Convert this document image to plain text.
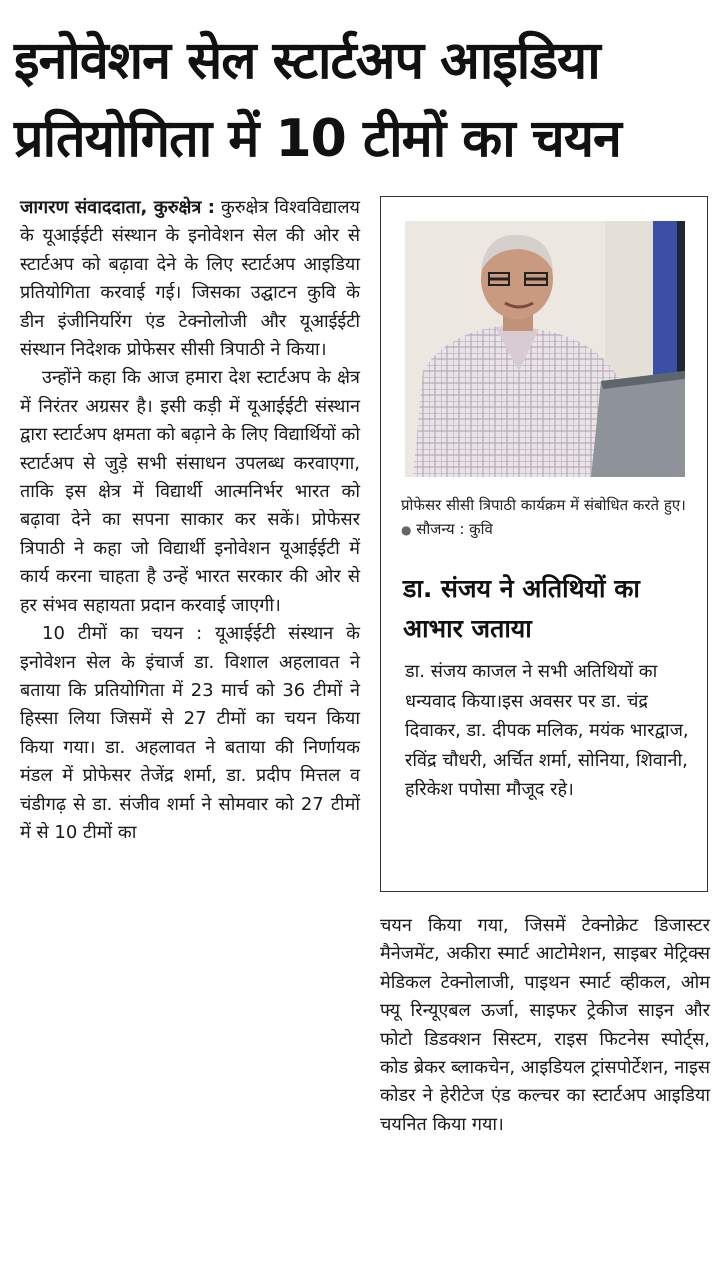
इनोवेशन सेल स्टार्टअप आइडिया
प्रतियोगिता में 10 टीमों का चयन

जागरण संवाददाता, कुरुक्षेत्र : कुरुक्षेत्र विश्वविद्यालय के यूआईईटी संस्थान के इनोवेशन सेल की ओर से स्टार्टअप को बढ़ावा देने के लिए स्टार्टअप आइडिया प्रतियोगिता करवाई गई। जिसका उद्घाटन कुवि के डीन इंजीनियरिंग एंड टेक्नोलोजी और यूआईईटी संस्थान निदेशक प्रोफेसर सीसी त्रिपाठी ने किया।

उन्होंने कहा कि आज हमारा देश स्टार्टअप के क्षेत्र में निरंतर अग्रसर है। इसी कड़ी में यूआईईटी संस्थान द्वारा स्टार्टअप क्षमता को बढ़ाने के लिए विद्यार्थियों को स्टार्टअप से जुड़े सभी संसाधन उपलब्ध करवाएगा, ताकि इस क्षेत्र में विद्यार्थी आत्मनिर्भर भारत को बढ़ावा देने का सपना साकार कर सकें। प्रोफेसर त्रिपाठी ने कहा जो विद्यार्थी इनोवेशन यूआईईटी में कार्य करना चाहता है उन्हें भारत सरकार की ओर से हर संभव सहायता प्रदान करवाई जाएगी।

10 टीमों का चयन : यूआईईटी संस्थान के इनोवेशन सेल के इंचार्ज डा. विशाल अहलावत ने बताया कि प्रतियोगिता में 23 मार्च को 36 टीमों ने हिस्सा लिया जिसमें से 27 टीमों का चयन किया किया गया। डा. अहलावत ने बताया की निर्णायक मंडल में प्रोफेसर तेजेंद्र शर्मा, डा. प्रदीप मित्तल व चंडीगढ़ से डा. संजीव शर्मा ने सोमवार को 27 टीमों में से 10 टीमों का

प्रोफेसर सीसी त्रिपाठी कार्यक्रम में संबोधित करते हुए। ● सौजन्य : कुवि
डा. संजय ने अतिथियों का आभार जताया
डा. संजय काजल ने सभी अतिथियों का धन्यवाद किया।इस अवसर पर डा. चंद्र दिवाकर, डा. दीपक मलिक, मयंक भारद्वाज, रविंद्र चौधरी, अर्चित शर्मा, सोनिया, शिवानी, हरिकेश पपोसा मौजूद रहे।

चयन किया गया, जिसमें टेक्नोक्रेट डिजास्टर मैनेजमेंट, अकीरा स्मार्ट आटोमेशन, साइबर मेट्रिक्स मेडिकल टेक्नोलाजी, पाइथन स्मार्ट व्हीकल, ओम फ्यू रिन्यूएबल ऊर्जा, साइफर ट्रेकीज साइन और फोटो डिडक्शन सिस्टम, राइस फिटनेस स्पोर्ट्स, कोड ब्रेकर ब्लाकचेन, आइडियल ट्रांसपोर्टेशन, नाइस कोडर ने हेरीटेज एंड कल्चर का स्टार्टअप आइडिया चयनित किया गया।
